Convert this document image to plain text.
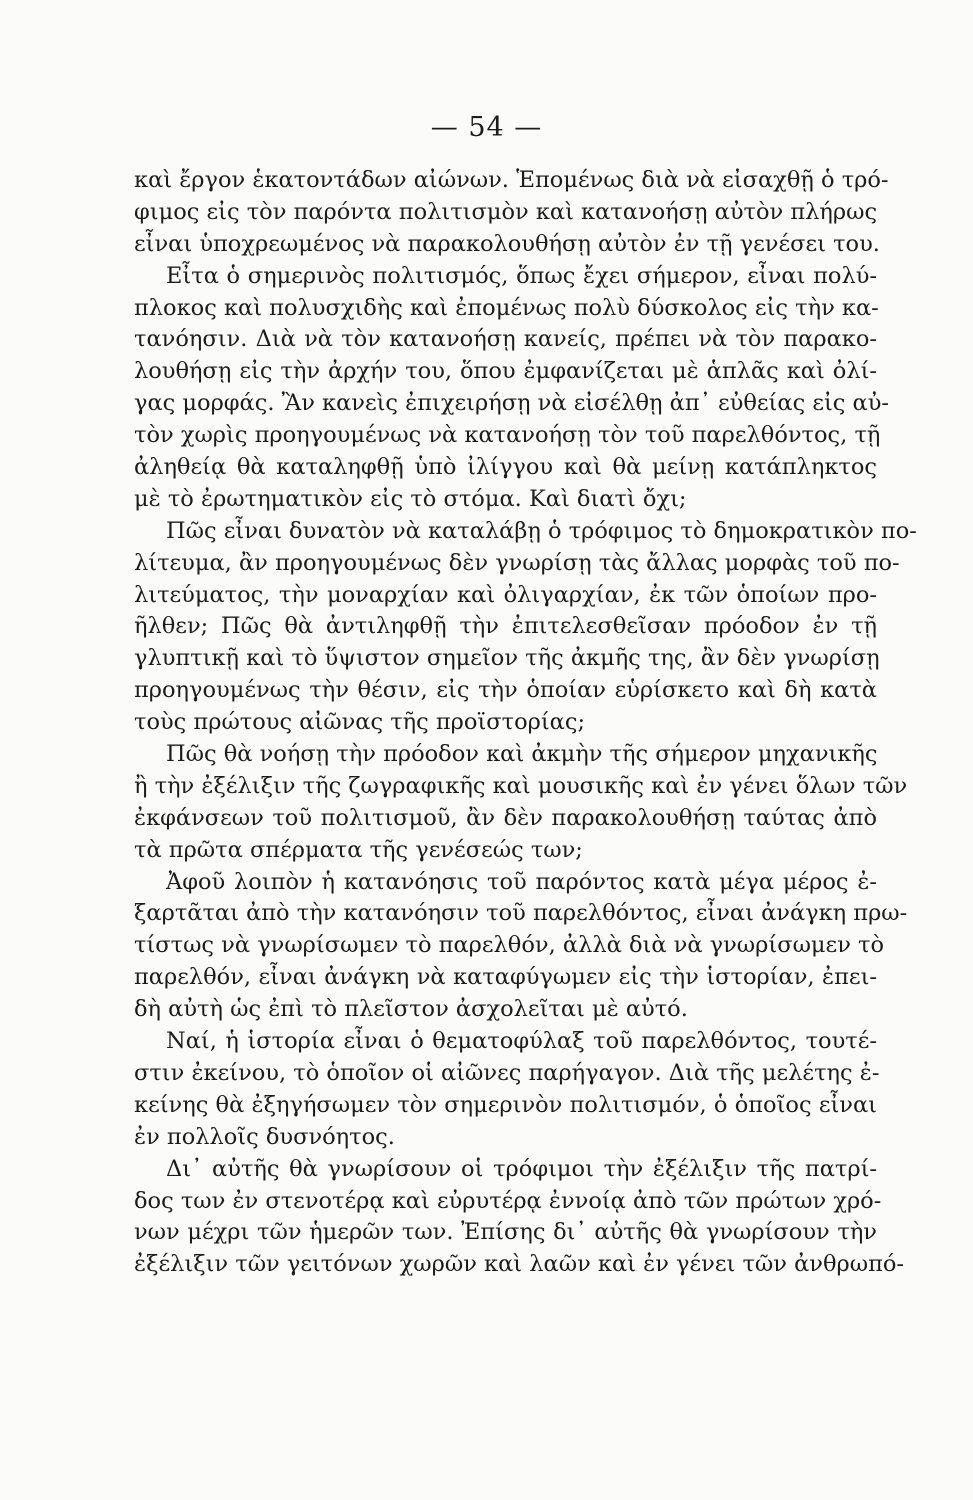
— 54 —
καὶ ἔργον ἑκατοντάδων αἰώνων. Ἑπομένως διὰ νὰ εἰσαχθῇ ὁ τρό-
φιμος εἰς τὸν παρόντα πολιτισμὸν καὶ κατανοήσῃ αὐτὸν πλήρως
εἶναι ὑποχρεωμένος νὰ παρακολουθήσῃ αὐτὸν ἐν τῇ γενέσει του.
Εἶτα ὁ σημερινὸς πολιτισμός, ὅπως ἔχει σήμερον, εἶναι πολύ-
πλοκος καὶ πολυσχιδὴς καὶ ἐπομένως πολὺ δύσκολος εἰς τὴν κα-
τανόησιν. Διὰ νὰ τὸν κατανοήσῃ κανείς, πρέπει νὰ τὸν παρακο-
λουθήσῃ εἰς τὴν ἀρχήν του, ὅπου ἐμφανίζεται μὲ ἁπλᾶς καὶ ὀλί-
γας μορφάς. Ἂν κανεὶς ἐπιχειρήσῃ νὰ εἰσέλθῃ ἀπ᾽ εὐθείας εἰς αὐ-
τὸν χωρὶς προηγουμένως νὰ κατανοήσῃ τὸν τοῦ παρελθόντος, τῇ
ἀληθείᾳ θὰ καταληφθῇ ὑπὸ ἰλίγγου καὶ θὰ μείνῃ κατάπληκτος
μὲ τὸ ἐρωτηματικὸν εἰς τὸ στόμα. Καὶ διατὶ ὄχι;
Πῶς εἶναι δυνατὸν νὰ καταλάβῃ ὁ τρόφιμος τὸ δημοκρατικὸν πο-
λίτευμα, ἂν προηγουμένως δὲν γνωρίσῃ τὰς ἄλλας μορφὰς τοῦ πο-
λιτεύματος, τὴν μοναρχίαν καὶ ὀλιγαρχίαν, ἐκ τῶν ὁποίων προ-
ῆλθεν; Πῶς θὰ ἀντιληφθῇ τὴν ἐπιτελεσθεῖσαν πρόοδον ἐν τῇ
γλυπτικῇ καὶ τὸ ὕψιστον σημεῖον τῆς ἀκμῆς της, ἂν δὲν γνωρίσῃ
προηγουμένως τὴν θέσιν, εἰς τὴν ὁποίαν εὑρίσκετο καὶ δὴ κατὰ
τοὺς πρώτους αἰῶνας τῆς προϊστορίας;
Πῶς θὰ νοήσῃ τὴν πρόοδον καὶ ἀκμὴν τῆς σήμερον μηχανικῆς
ἢ τὴν ἐξέλιξιν τῆς ζωγραφικῆς καὶ μουσικῆς καὶ ἐν γένει ὅλων τῶν
ἐκφάνσεων τοῦ πολιτισμοῦ, ἂν δὲν παρακολουθήσῃ ταύτας ἀπὸ
τὰ πρῶτα σπέρματα τῆς γενέσεώς των;
Ἀφοῦ λοιπὸν ἡ κατανόησις τοῦ παρόντος κατὰ μέγα μέρος ἐ-
ξαρτᾶται ἀπὸ τὴν κατανόησιν τοῦ παρελθόντος, εἶναι ἀνάγκη πρω-
τίστως νὰ γνωρίσωμεν τὸ παρελθόν, ἀλλὰ διὰ νὰ γνωρίσωμεν τὸ
παρελθόν, εἶναι ἀνάγκη νὰ καταφύγωμεν εἰς τὴν ἱστορίαν, ἐπει-
δὴ αὐτὴ ὡς ἐπὶ τὸ πλεῖστον ἀσχολεῖται μὲ αὐτό.
Ναί, ἡ ἱστορία εἶναι ὁ θεματοφύλαξ τοῦ παρελθόντος, τουτέ-
στιν ἐκείνου, τὸ ὁποῖον οἱ αἰῶνες παρήγαγον. Διὰ τῆς μελέτης ἐ-
κείνης θὰ ἐξηγήσωμεν τὸν σημερινὸν πολιτισμόν, ὁ ὁποῖος εἶναι
ἐν πολλοῖς δυσνόητος.
Δι᾽ αὐτῆς θὰ γνωρίσουν οἱ τρόφιμοι τὴν ἐξέλιξιν τῆς πατρί-
δος των ἐν στενοτέρᾳ καὶ εὐρυτέρᾳ ἐννοίᾳ ἀπὸ τῶν πρώτων χρό-
νων μέχρι τῶν ἡμερῶν των. Ἐπίσης δι᾽ αὐτῆς θὰ γνωρίσουν τὴν
ἐξέλιξιν τῶν γειτόνων χωρῶν καὶ λαῶν καὶ ἐν γένει τῶν ἀνθρωπό-
